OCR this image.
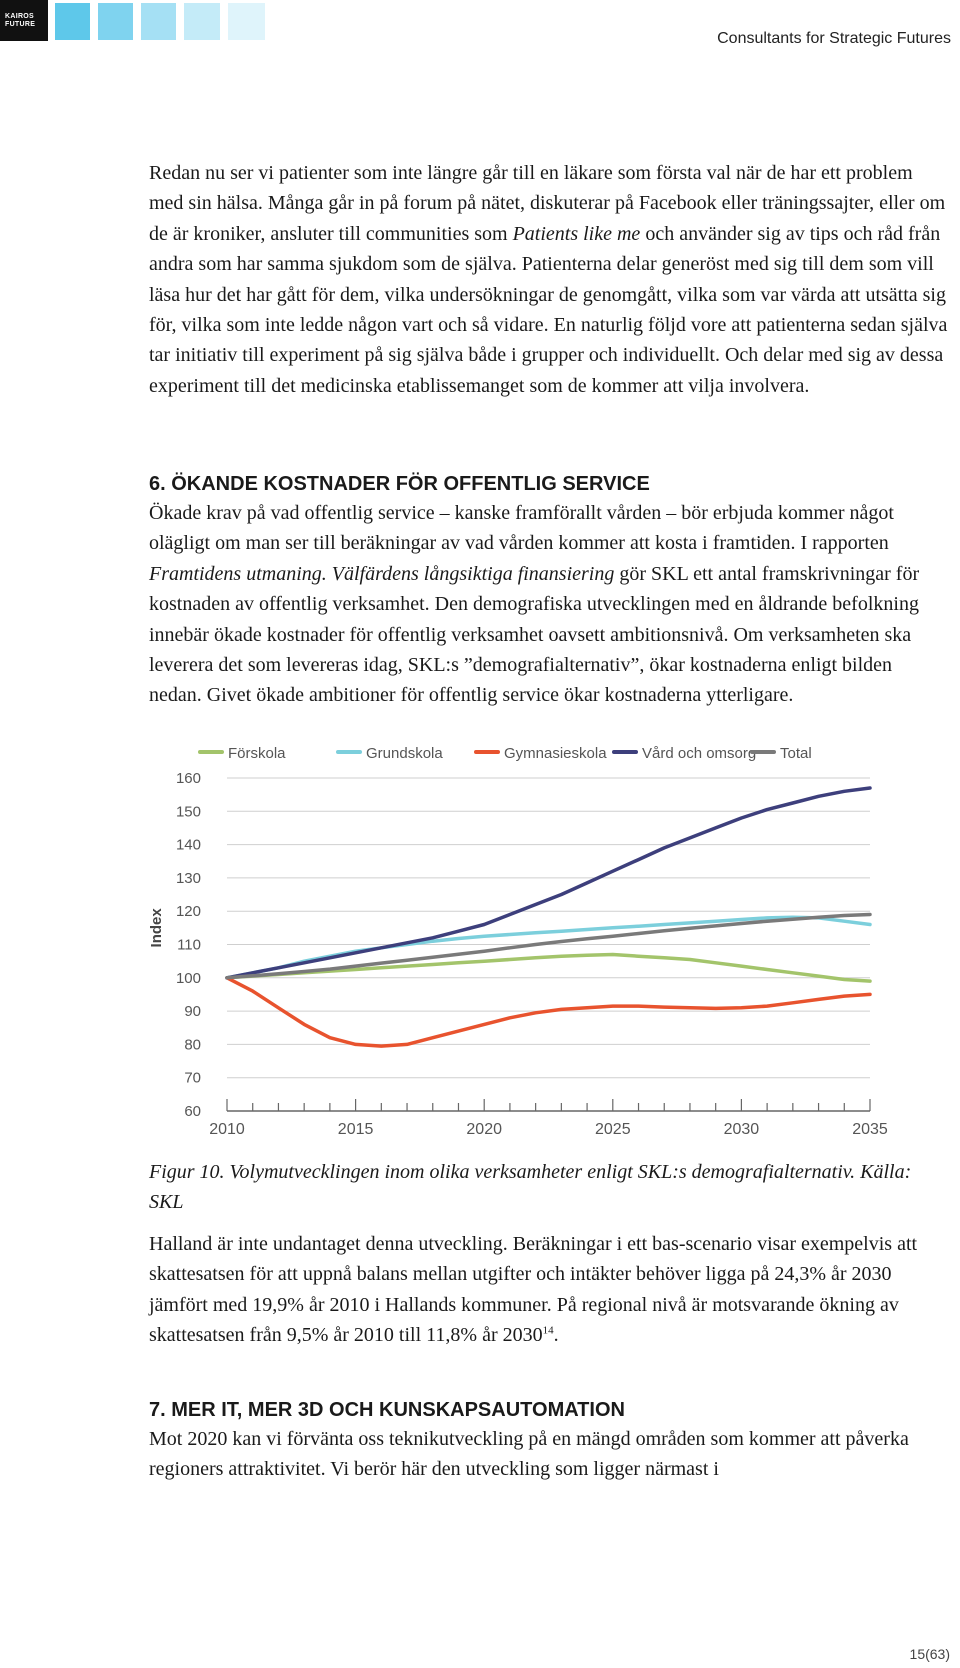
KAIROS
FUTURE
Consultants for Strategic Futures

Redan nu ser vi patienter som inte längre går till en läkare som första val när de har ett problem med sin hälsa. Många går in på forum på nätet, diskuterar på Facebook eller träningssajter, eller om de är kroniker, ansluter till communities som Patients like me och använder sig av tips och råd från andra som har samma sjukdom som de själva. Patienterna delar generöst med sig till dem som vill läsa hur det har gått för dem, vilka undersökningar de genomgått, vilka som var värda att utsätta sig för, vilka som inte ledde någon vart och så vidare. En naturlig följd vore att patienterna sedan själva tar initiativ till experiment på sig själva både i grupper och individuellt. Och delar med sig av dessa experiment till det medicinska etablissemanget som de kommer att vilja involvera.

6. ÖKANDE KOSTNADER FÖR OFFENTLIG SERVICE

Ökade krav på vad offentlig service – kanske framförallt vården – bör erbjuda kommer något olägligt om man ser till beräkningar av vad vården kommer att kosta i framtiden. I rapporten Framtidens utmaning. Välfärdens långsiktiga finansiering gör SKL ett antal framskrivningar för kostnaden av offentlig verksamhet. Den demografiska utvecklingen med en åldrande befolkning innebär ökade kostnader för offentlig verksamhet oavsett ambitionsnivå. Om verksamheten ska leverera det som levereras idag, SKL:s ”demografialternativ”, ökar kostnaderna enligt bilden nedan. Givet ökade ambitioner för offentlig service ökar kostnaderna ytterligare.

Förskola	Grundskola	Gymnasieskola Vård och omsorg Total
60
70
80
90
100
110
120
130
140
150
160
2010	2015	2020	2025	2030	2035
Index

Figur 10. Volymutvecklingen inom olika verksamheter enligt SKL:s demografialternativ. Källa: SKL

Halland är inte undantaget denna utveckling. Beräkningar i ett bas-scenario visar exempelvis att skattesatsen för att uppnå balans mellan utgifter och intäkter behöver ligga på 24,3% år 2030 jämfört med 19,9% år 2010 i Hallands kommuner. På regional nivå är motsvarande ökning av skattesatsen från 9,5% år 2010 till 11,8% år 2030$^{14}$.

7. MER IT, MER 3D OCH KUNSKAPSAUTOMATION

Mot 2020 kan vi förvänta oss teknikutveckling på en mängd områden som kommer att påverka regioners attraktivitet. Vi berör här den utveckling som ligger närmast i

15(63)
